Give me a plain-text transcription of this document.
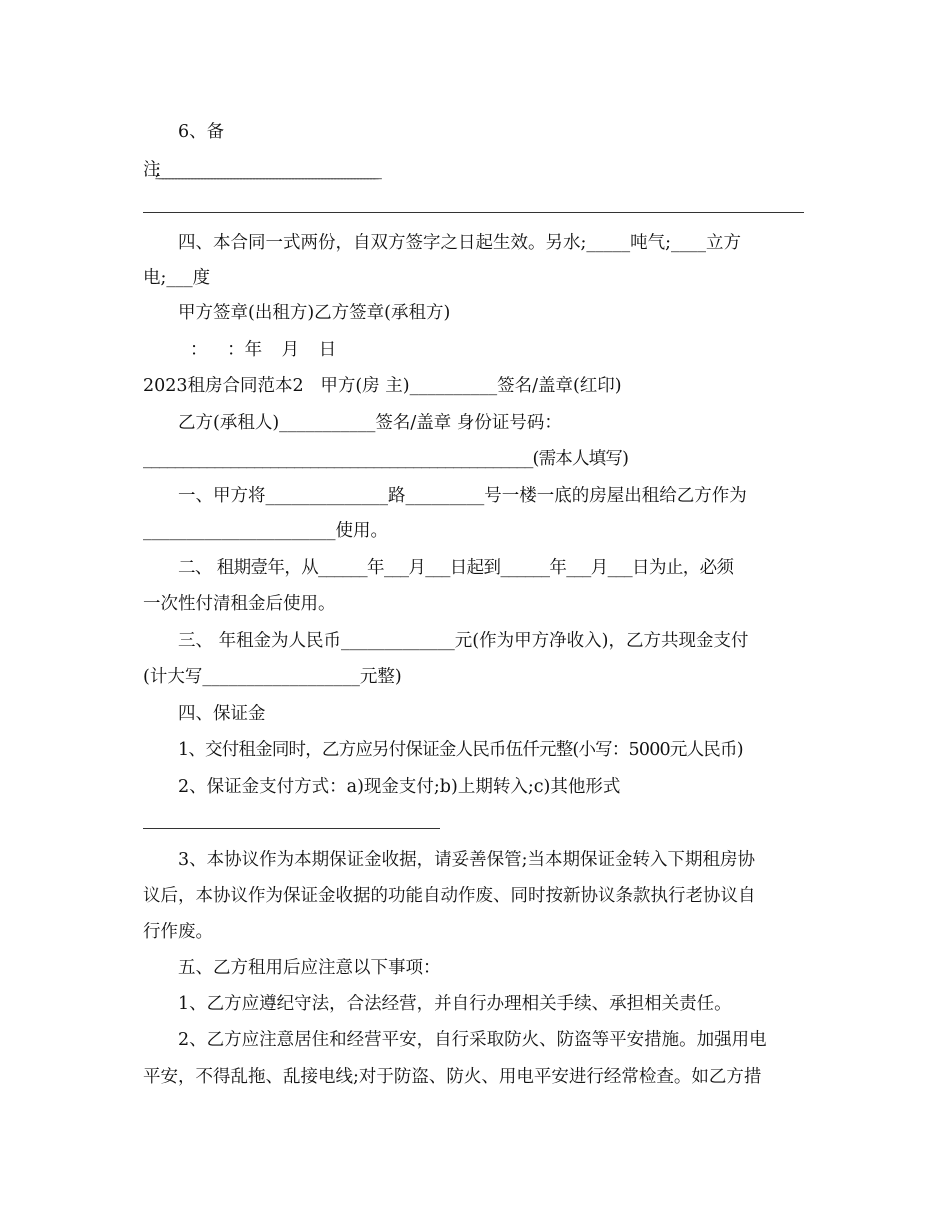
6、备

注;____________________________________________________________________

四、本合同一式两份，自双方签字之日起生效。另水;_____吨气;____立方

电;___度

甲方签章(出租方)乙方签章(承租方)

： ：年 月 日

2023租房合同范本2   甲方(房 主)__________签名/盖章(红印)

乙方(承租人)___________签名/盖章 身份证号码：

_________________________________________________(需本人填写)

一、甲方将______________路_________号一楼一底的房屋出租给乙方作为

______________________使用。

二、 租期壹年，从______年___月___日起到______年___月___日为止，必须

一次性付清租金后使用。

三、 年租金为人民币_____________元(作为甲方净收入)，乙方共现金支付

(计大写__________________元整)

四、保证金

1、交付租金同时，乙方应另付保证金人民币伍仟元整(小写：5000元人民币)

2、保证金支付方式：a)现金支付;b)上期转入;c)其他形式

3、本协议作为本期保证金收据，请妥善保管;当本期保证金转入下期租房协

议后，本协议作为保证金收据的功能自动作废、同时按新协议条款执行老协议自

行作废。

五、乙方租用后应注意以下事项：

1、乙方应遵纪守法，合法经营，并自行办理相关手续、承担相关责任。

2、乙方应注意居住和经营平安，自行采取防火、防盗等平安措施。加强用电

平安，不得乱拖、乱接电线;对于防盗、防火、用电平安进行经常检查。如乙方措
